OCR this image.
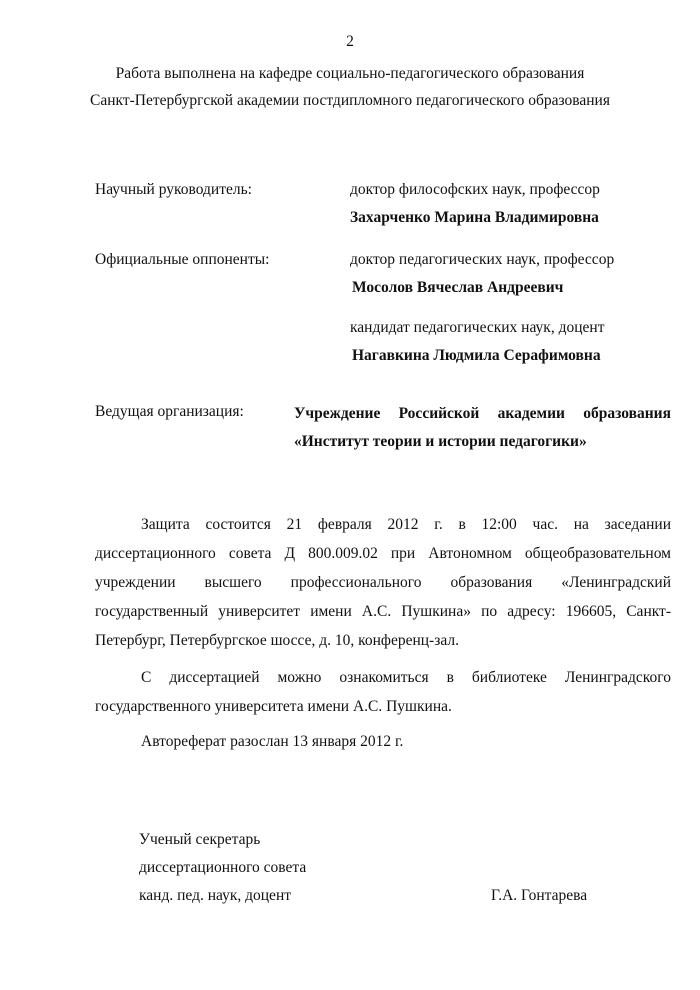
2
Работа выполнена на кафедре социально-педагогического образования
Санкт-Петербургской академии постдипломного педагогического образования
Научный руководитель:	доктор философских наук, профессор
Захарченко Марина Владимировна
Официальные оппоненты:	доктор педагогических наук, профессор
Мосолов Вячеслав Андреевич
кандидат педагогических наук, доцент
Нагавкина Людмила Серафимовна
Ведущая организация:	Учреждение Российской академии образования
«Институт теории и истории педагогики»
Защита состоится 21 февраля 2012 г. в 12:00 час. на заседании диссертационного совета Д 800.009.02 при Автономном общеобразовательном учреждении высшего профессионального образования «Ленинградский государственный университет имени А.С. Пушкина» по адресу: 196605, Санкт-Петербург, Петербургское шоссе, д. 10, конференц-зал.
С диссертацией можно ознакомиться в библиотеке Ленинградского государственного университета имени А.С. Пушкина.
Автореферат разослан 13 января 2012 г.
Ученый секретарь
диссертационного совета
канд. пед. наук, доцент	Г.А. Гонтарева
